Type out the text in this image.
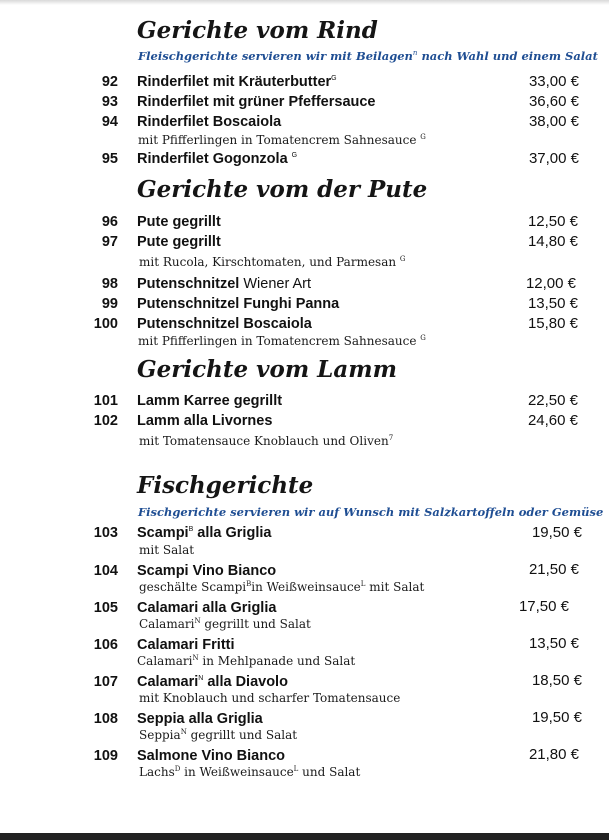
Gerichte vom Rind
Fleischgerichte servieren wir mit Beilagen$^n$ nach Wahl und einem Salat
92 Rinderfilet mit Kräuterbutter$^G$	33,00 €
93 Rinderfilet mit grüner Pfeffersauce	36,60 €
94 Rinderfilet Boscaiola	38,00 €
mit Pfifferlingen in Tomatencrem Sahnesauce $^G$
95 Rinderfilet Gogonzola $^G$	37,00 €
Gerichte vom der Pute
96 Pute gegrillt	12,50 €
97 Pute gegrillt	14,80 €
mit Rucola, Kirschtomaten, und Parmesan $^G$
98 Putenschnitzel Wiener Art	12,00 €
99 Putenschnitzel Funghi Panna	13,50 €
100 Putenschnitzel Boscaiola	15,80 €
mit Pfifferlingen in Tomatencrem Sahnesauce $^G$
Gerichte vom Lamm
101 Lamm Karree gegrillt	22,50 €
102 Lamm alla Livornes	24,60 €
mit Tomatensauce Knoblauch und Oliven$^7$
Fischgerichte
Fischgerichte servieren wir auf Wunsch mit Salzkartoffeln oder Gemüse
103 Scampi$^B$ alla Griglia	19,50 €
mit Salat
104 Scampi Vino Bianco	21,50 €
geschälte Scampi$^B$in Weißweinsauce$^L$ mit Salat
105 Calamari alla Griglia	17,50 €
Calamari$^N$ gegrillt und Salat
106 Calamari Fritti	13,50 €
Calamari$^N$ in Mehlpanade und Salat
107 Calamari$^N$ alla Diavolo	18,50 €
mit Knoblauch und scharfer Tomatensauce
108 Seppia alla Griglia	19,50 €
Seppia$^N$ gegrillt und Salat
109 Salmone Vino Bianco	21,80 €
Lachs$^D$ in Weißweinsauce$^L$ und Salat
